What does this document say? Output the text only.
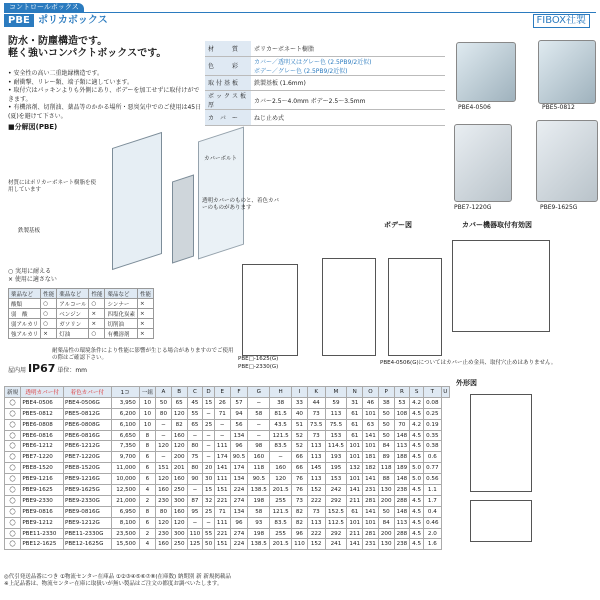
コントロールボックス
PBE ポリカボックス	FIBOX社製
防水・防塵構造です。
軽く強いコンパクトボックスです。
• 安全性の高い二重絶縁構造です。
• 耐衝撃、リレー類、端子類に適しています。
• 取付穴はパッキンよりも外側にあり、ボデーを加工せずに取付けができます。
• 有機溶剤、切削油、薬品等のかかる場所・悪臭気中でのご使用は45日(夏)を避けて下さい。
材　　質	ポリカーボネート樹脂
色　　彩	カバー／透明又はグレー色 (2.5PB9/2近似)
ボデー／グレー色 (2.5PB9/2近似)

取付基板	鉄製基板 (1.6mm)
ボックス板厚	カバー2.5〜4.0mm ボデー2.5〜3.5mm
カ バ ー	ねじ止め式
PBE4-0506	PBE5-0812
PBE7-1220G	PBE9-1625G
■分解図(PBE)
カバーボルト
材質にはポリカーボネート樹脂を使用しています
透明カバーのものと、着色カバーのものがあります
鉄製基板
ボデー図	カバー機器取付有効図
PBE□-1625(G)
PBE□-2330(G)
PBE4-0506(G)についてはカバー止め金具、取付穴止めはありません。
○ 実用に耐える
× 使用に適さない
薬品など	性能	薬品など	性能	薬品など	性能
酸類	○	アルコール	○	シンナー	×
弱　酸	○	ベンジン	×	四塩化炭素	×
弱アルカリ	○	ガソリン	×	切削油	×
強アルカリ	×	灯油	○	有機溶剤	×
耐薬品性の環境条件により性能に影響が生じる場合がありますのでご使用の際はご確認下さい。
屋内用 IP67 単位：mm
新規	透明カバー付	着色カバー付	1コ	一組	A	B	C	D	E	F	G	H	I	K	M	N	O	P	R	S	T	U
◯	PBE4-0506	PBE4-0506G	3,950	10	50	65	45	15	26	57	−	38	33	44	59	31	46	38	53	4.2	0.08	
◯	PBE5-0812	PBE5-0812G	6,200	10	80	120	55	−	71	94	58	81.5	40	73	113	61	101	50	108	4.5	0.25	
◯	PBE6-0808	PBE6-0808G	6,100	10	−	82	65	25	−	56	−	43.5	51	73.5	75.5	61	63	50	70	4.2	0.19	
◯	PBE6-0816	PBE6-0816G	6,650	8	−	160	−	−	−	134	−	121.5	52	73	153	61	141	50	148	4.5	0.35	
◯	PBE6-1212	PBE6-1212G	7,350	8	120	120	80	−	111	96	98	83.5	52	113	114.5	101	101	84	113	4.5	0.38	
◯	PBE7-1220	PBE7-1220G	9,700	6	−	200	75	−	174	90.5	160	−	66	113	193	101	181	89	188	4.5	0.6	
◯	PBE8-1520	PBE8-1520G	11,000	6	151	201	80	20	141	174	118	160	66	145	195	132	182	118	189	5.0	0.77	
◯	PBE9-1216	PBE9-1216G	10,000	6	120	160	90	30	111	134	90.5	120	76	113	153	101	141	88	148	5.0	0.56	
◯	PBE9-1625	PBE9-1625G	12,500	4	160	250	−	15	151	224	138.5	201.5	76	152	242	141	231	130	238	4.5	1.1	
◯	PBE9-2330	PBE9-2330G	21,000	2	230	300	87	32	221	274	198	255	73	222	292	211	281	200	288	4.5	1.7	
◯	PBE9-0816	PBE9-0816G	6,950	8	80	160	95	25	71	134	58	121.5	82	73	152.5	61	141	50	148	4.5	0.4	
◯	PBE9-1212	PBE9-1212G	8,100	6	120	120	−	−	111	96	93	83.5	82	113	112.5	101	101	84	113	4.5	0.46	
◯	PBE11-2330	PBE11-2330G	23,500	2	230	300	110	55	221	274	198	255	96	222	292	211	281	200	288	4.5	2.0	
◯	PBE12-1625	PBE12-1625G	15,500	4	160	250	125	50	151	224	138.5	201.5	110	152	241	141	231	130	238	4.5	1.6	
◎代引発送品番につき ①物流センター在庫品 ①②③④⑤⑥⑦⑧(在庫数) 納期別 新 新規掲載品
※上記品番は、物流センター在庫に取扱いが無い製品はご注文の都度お調べいたします。
外形図
